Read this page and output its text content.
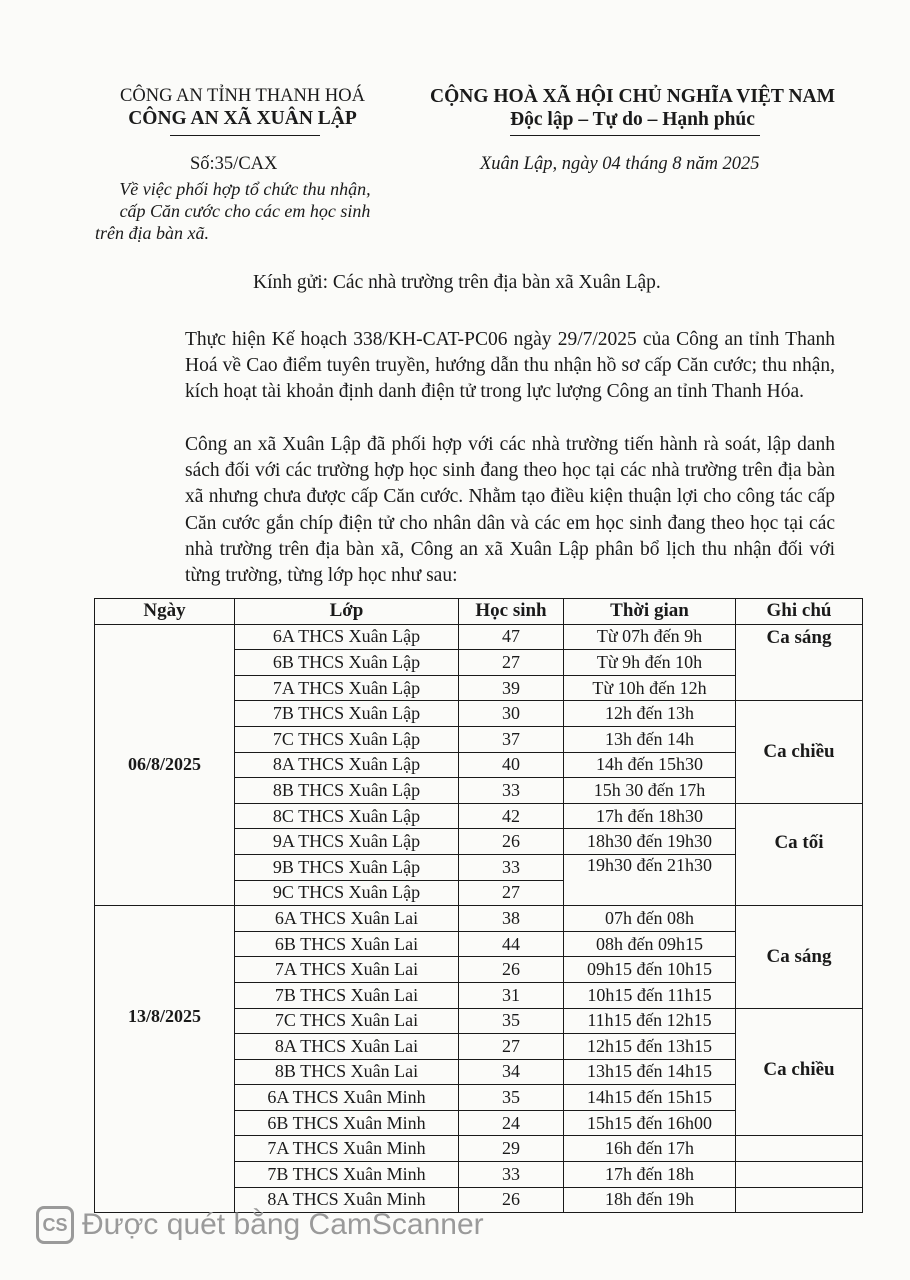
CÔNG AN TỈNH THANH HOÁ
CÔNG AN XÃ XUÂN LẬP
CỘNG HOÀ XÃ HỘI CHỦ NGHĨA VIỆT NAM
Độc lập – Tự do – Hạnh phúc
Số:35/CAX	Xuân Lập, ngày 04 tháng 8 năm 2025
Về việc phối hợp tổ chức thu nhận,
cấp Căn cước cho các em học sinh
trên địa bàn xã.
Kính gửi: Các nhà trường trên địa bàn xã Xuân Lập.
Thực hiện Kế hoạch 338/KH-CAT-PC06 ngày 29/7/2025 của Công an tỉnh Thanh Hoá về Cao điểm tuyên truyền, hướng dẫn thu nhận hồ sơ cấp Căn cước; thu nhận, kích hoạt tài khoản định danh điện tử trong lực lượng Công an tỉnh Thanh Hóa.
Công an xã Xuân Lập đã phối hợp với các nhà trường tiến hành rà soát, lập danh sách đối với các trường hợp học sinh đang theo học tại các nhà trường trên địa bàn xã nhưng chưa được cấp Căn cước. Nhằm tạo điều kiện thuận lợi cho công tác cấp Căn cước gắn chíp điện tử cho nhân dân và các em học sinh đang theo học tại các nhà trường trên địa bàn xã, Công an xã Xuân Lập phân bổ lịch thu nhận đối với từng trường, từng lớp học như sau:
Ngày	Lớp	Học sinh	Thời gian	Ghi chú
06/8/2025	6A THCS Xuân Lập	47	Từ 07h đến 9h	Ca sáng
	6B THCS Xuân Lập	27	Từ 9h đến 10h	
	7A THCS Xuân Lập	39	Từ 10h đến 12h	
	7B THCS Xuân Lập	30	12h đến 13h	Ca chiều
	7C THCS Xuân Lập	37	13h đến 14h	
	8A THCS Xuân Lập	40	14h đến 15h30	
	8B THCS Xuân Lập	33	15h 30 đến 17h	
	8C THCS Xuân Lập	42	17h đến 18h30	Ca tối
	9A THCS Xuân Lập	26	18h30 đến 19h30	
	9B THCS Xuân Lập	33	19h30 đến 21h30	
	9C THCS Xuân Lập	27		
13/8/2025	6A THCS Xuân Lai	38	07h đến 08h	Ca sáng
	6B THCS Xuân Lai	44	08h đến 09h15	
	7A THCS Xuân Lai	26	09h15 đến 10h15	
	7B THCS Xuân Lai	31	10h15 đến 11h15	
	7C THCS Xuân Lai	35	11h15 đến 12h15	Ca chiều
	8A THCS Xuân Lai	27	12h15 đến 13h15	
	8B THCS Xuân Lai	34	13h15 đến 14h15	
	6A THCS Xuân Minh	35	14h15 đến 15h15	
	6B THCS Xuân Minh	24	15h15 đến 16h00	
	7A THCS Xuân Minh	29	16h đến 17h	
	7B THCS Xuân Minh	33	17h đến 18h	
	8A THCS Xuân Minh	26	18h đến 19h	
CS Được quét bằng CamScanner
